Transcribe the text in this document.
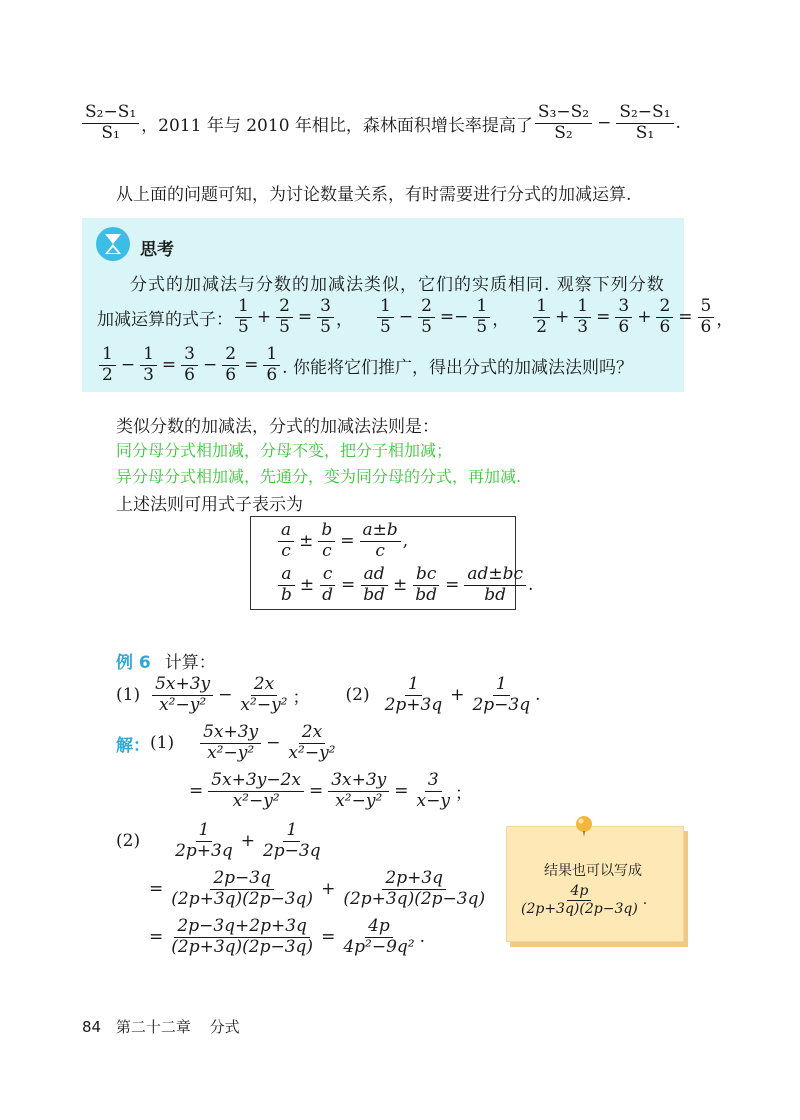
$\frac{\text{S₂−S₁}}{\text{S₁}}$ ，2011 年与 2010 年相比，森林面积增长率提高了 $\frac{\text{S₃−S₂}}{\text{S₂}} - \frac{\text{S₂−S₁}}{\text{S₁}}$ .
从上面的问题可知，为讨论数量关系，有时需要进行分式的加减运算.
思考
分式的加减法与分数的加减法类似，它们的实质相同. 观察下列分数
加减运算的式子： $\frac{1}{5} + \frac{2}{5} = \frac{3}{5}$ ， $\frac{1}{5} - \frac{2}{5} =- \frac{1}{5}$ ， $\frac{1}{2} + \frac{1}{3} = \frac{3}{6} + \frac{2}{6} = \frac{5}{6}$ ，
$\frac{1}{2} - \frac{1}{3} = \frac{3}{6} - \frac{2}{6} = \frac{1}{6}$ . 你能将它们推广，得出分式的加减法法则吗？
类似分数的加减法，分式的加减法法则是：
同分母分式相加减，分母不变，把分子相加减；
异分母分式相加减，先通分，变为同分母的分式，再加减.
上述法则可用式子表示为
$\frac{a}{c} \pm \frac{b}{c} = \frac{a\pm b}{c}$ ,
$\frac{a}{b} \pm \frac{c}{d} = \frac{ad}{bd} \pm \frac{bc}{bd} = \frac{ad\pm bc}{bd}$ .
例 6 计算：
$(1) \frac{5x+3y}{\text{x²−y²}} - \frac{2x}{\text{x²−y²}}$ ； $(2) \frac{1}{2p+3q} + \frac{1}{2p-3q}$ .
解： $(1) \frac{5x+3y}{\text{x²−y²}} - \frac{2x}{\text{x²−y²}}$
= $\frac{5x+3y-2x}{\text{x²−y²}} = \frac{3x+3y}{\text{x²−y²}} = \frac{3}{x-y}$ ；
$(2) \frac{1}{2p+3q} + \frac{1}{2p-3q}$
= $\frac{2p-3q}{(2p+3q)(2p-3q)} + \frac{2p+3q}{(2p+3q)(2p-3q)}$
= $\frac{2p-3q+2p+3q}{(2p+3q)(2p-3q)} = \frac{4p}{\text{4p²−9q²}}$ .
结果也可以写成
$\frac{4p}{(2p+3q)(2p-3q)}$ .
84 第二十二章 分式
